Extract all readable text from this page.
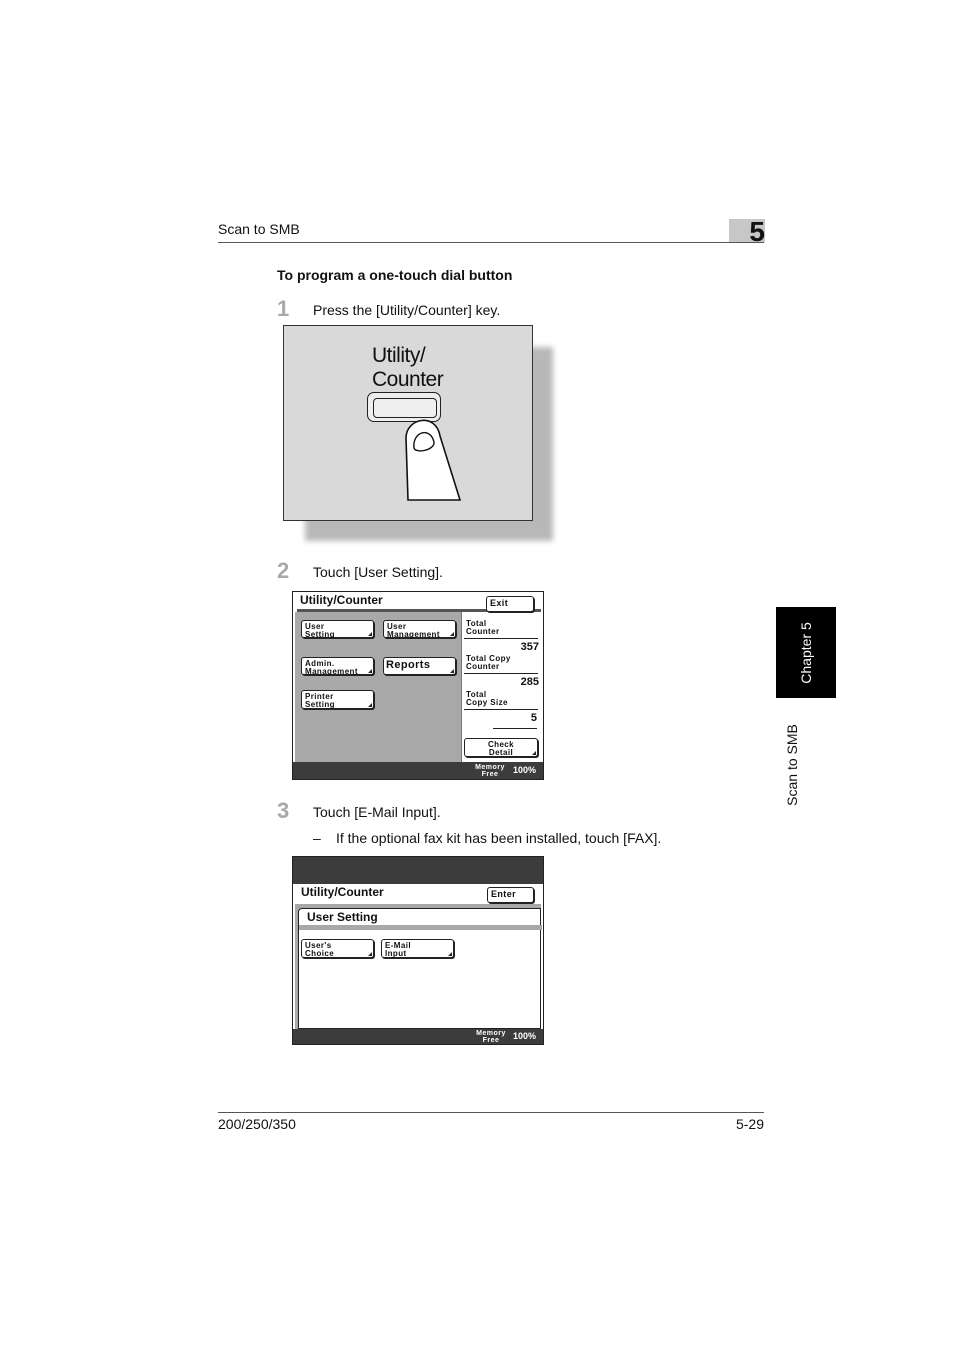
Scan to SMB	5
Chapter 5
Scan to SMB
To program a one-touch dial button
1 Press the [Utility/Counter] key.
Utility/
Counter
2 Touch [User Setting].
Utility/Counter	Exit
User
Setting
User
Management
Admin.
Management
Reports
Printer
Setting
Total
Counter
357
Total Copy
Counter
285
Total
Copy Size
5
Check
Detail
Memory
Free	100%
3 Touch [E-Mail Input].
– If the optional fax kit has been installed, touch [FAX].
Utility/Counter	Enter
User Setting
User's
Choice
E-Mail
Input
Memory
Free	100%
200/250/350	5-29
